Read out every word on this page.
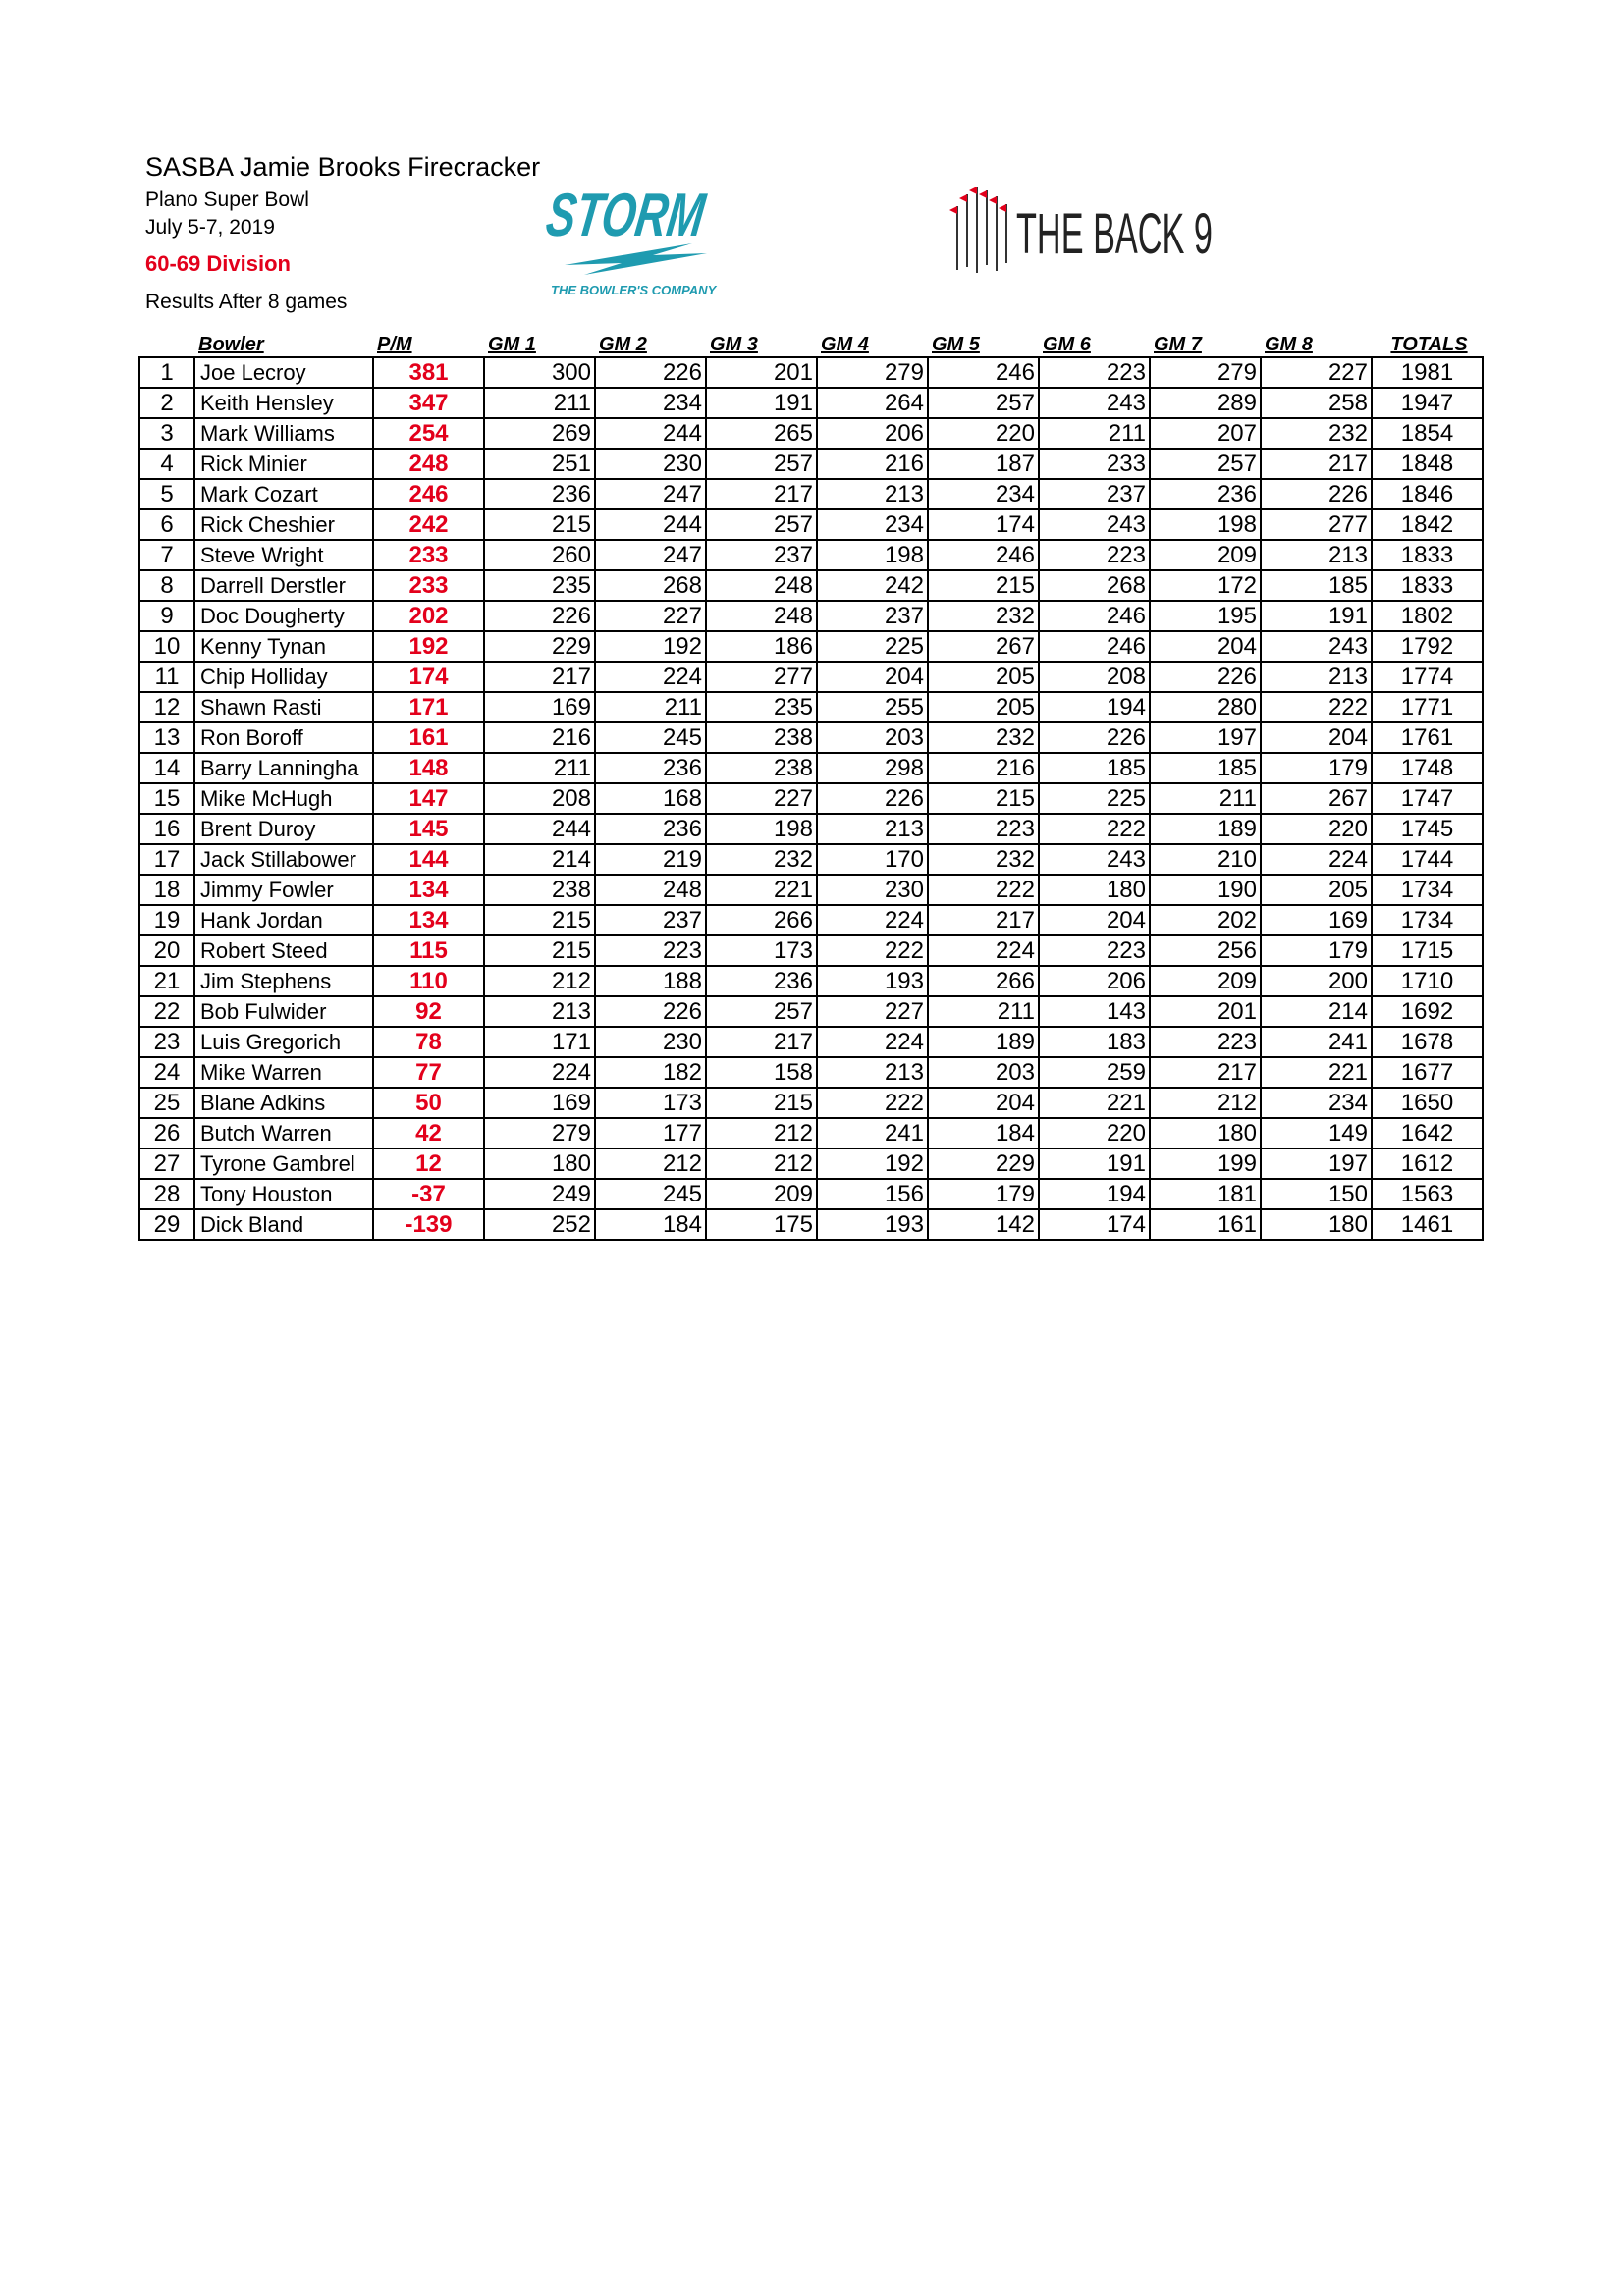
SASBA Jamie Brooks Firecracker
Plano Super Bowl
July 5-7, 2019
60-69 Division
Results After 8 games
STORM
THE BOWLER'S COMPANY
THE BACK 9
	Bowler	P/M	GM 1	GM 2	GM 3	GM 4	GM 5	GM 6	GM 7	GM 8	TOTALS
1	Joe Lecroy	381	300	226	201	279	246	223	279	227	1981
2	Keith Hensley	347	211	234	191	264	257	243	289	258	1947
3	Mark Williams	254	269	244	265	206	220	211	207	232	1854
4	Rick Minier	248	251	230	257	216	187	233	257	217	1848
5	Mark Cozart	246	236	247	217	213	234	237	236	226	1846
6	Rick Cheshier	242	215	244	257	234	174	243	198	277	1842
7	Steve Wright	233	260	247	237	198	246	223	209	213	1833
8	Darrell Derstler	233	235	268	248	242	215	268	172	185	1833
9	Doc Dougherty	202	226	227	248	237	232	246	195	191	1802
10	Kenny Tynan	192	229	192	186	225	267	246	204	243	1792
11	Chip Holliday	174	217	224	277	204	205	208	226	213	1774
12	Shawn Rasti	171	169	211	235	255	205	194	280	222	1771
13	Ron Boroff	161	216	245	238	203	232	226	197	204	1761
14	Barry Lanningha	148	211	236	238	298	216	185	185	179	1748
15	Mike McHugh	147	208	168	227	226	215	225	211	267	1747
16	Brent Duroy	145	244	236	198	213	223	222	189	220	1745
17	Jack Stillabower	144	214	219	232	170	232	243	210	224	1744
18	Jimmy Fowler	134	238	248	221	230	222	180	190	205	1734
19	Hank Jordan	134	215	237	266	224	217	204	202	169	1734
20	Robert Steed	115	215	223	173	222	224	223	256	179	1715
21	Jim Stephens	110	212	188	236	193	266	206	209	200	1710
22	Bob Fulwider	92	213	226	257	227	211	143	201	214	1692
23	Luis Gregorich	78	171	230	217	224	189	183	223	241	1678
24	Mike Warren	77	224	182	158	213	203	259	217	221	1677
25	Blane Adkins	50	169	173	215	222	204	221	212	234	1650
26	Butch Warren	42	279	177	212	241	184	220	180	149	1642
27	Tyrone Gambrel	12	180	212	212	192	229	191	199	197	1612
28	Tony Houston	-37	249	245	209	156	179	194	181	150	1563
29	Dick Bland	-139	252	184	175	193	142	174	161	180	1461
